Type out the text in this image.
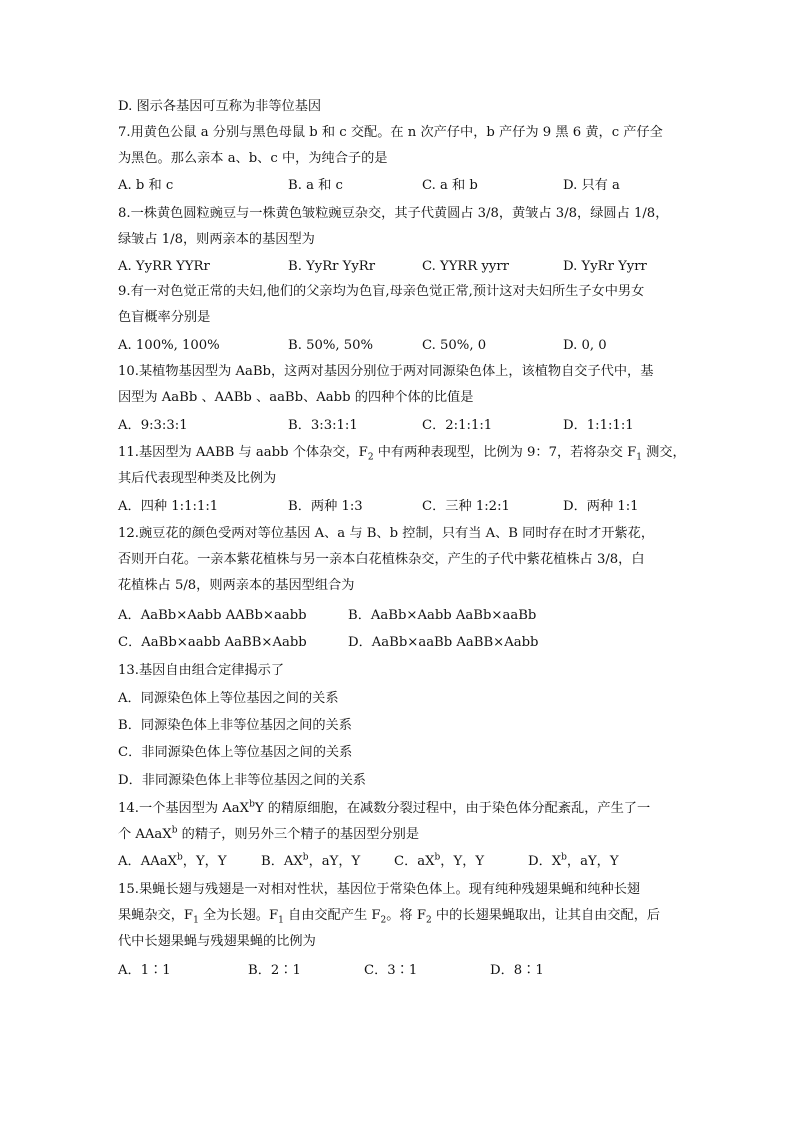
D. 图示各基因可互称为非等位基因
7.用黄色公鼠 a 分别与黑色母鼠 b 和 c 交配。在 n 次产仔中，b 产仔为 9 黑 6 黄，c 产仔全
为黑色。那么亲本 a、b、c 中，为纯合子的是
A. b 和 c	B. a 和 c	C. a 和 b	D. 只有 a
8.一株黄色圆粒豌豆与一株黄色皱粒豌豆杂交，其子代黄圆占 3/8，黄皱占 3/8，绿圆占 1/8，
绿皱占 1/8，则两亲本的基因型为
A. YyRR YYRr	B. YyRr YyRr	C. YYRR yyrr	D. YyRr Yyrr
9.有一对色觉正常的夫妇,他们的父亲均为色盲,母亲色觉正常,预计这对夫妇所生子女中男女
色盲概率分别是
A. 100%, 100%	B. 50%, 50%	C. 50%, 0	D. 0, 0
10.某植物基因型为 AaBb，这两对基因分别位于两对同源染色体上，该植物自交子代中，基
因型为 AaBb 、AABb 、aaBb、Aabb 的四种个体的比值是
A．9:3:3:1	B．3:3:1:1	C．2:1:1:1	D．1:1:1:1
11.基因型为 AABB 与 aabb 个体杂交，$F_2$ 中有两种表现型，比例为 9：7，若将杂交 $F_1$ 测交，
其后代表现型种类及比例为
A．四种 1:1:1:1	B．两种 1:3	C．三种 1:2:1	D．两种 1:1
12.豌豆花的颜色受两对等位基因 A、a 与 B、b 控制，只有当 A、B 同时存在时才开紫花，
否则开白花。一亲本紫花植株与另一亲本白花植株杂交，产生的子代中紫花植株占 3/8，白
花植株占 5/8，则两亲本的基因型组合为
A．AaBb×Aabb AABb×aabb	B．AaBb×Aabb AaBb×aaBb
C．AaBb×aabb AaBB×Aabb	D．AaBb×aaBb AaBB×Aabb
13.基因自由组合定律揭示了
A．同源染色体上等位基因之间的关系
B．同源染色体上非等位基因之间的关系
C．非同源染色体上等位基因之间的关系
D．非同源染色体上非等位基因之间的关系
14.一个基因型为 AaX$^b$Y 的精原细胞，在减数分裂过程中，由于染色体分配紊乱，产生了一
个 AAaX$^b$ 的精子，则另外三个精子的基因型分别是
A．AAaX$^b$，Y，Y	B．$AX^b$，aY，Y	C．$aX^b$，Y，Y	D．$X^b$，aY，Y
15.果蝇长翅与残翅是一对相对性状，基因位于常染色体上。现有纯种残翅果蝇和纯种长翅
果蝇杂交，$F_1$ 全为长翅。$F_1$ 自由交配产生 $F_2$。将 $F_2$ 中的长翅果蝇取出，让其自由交配，后
代中长翅果蝇与残翅果蝇的比例为
A．1∶1	B．2∶1	C．3∶1	D．8∶1
